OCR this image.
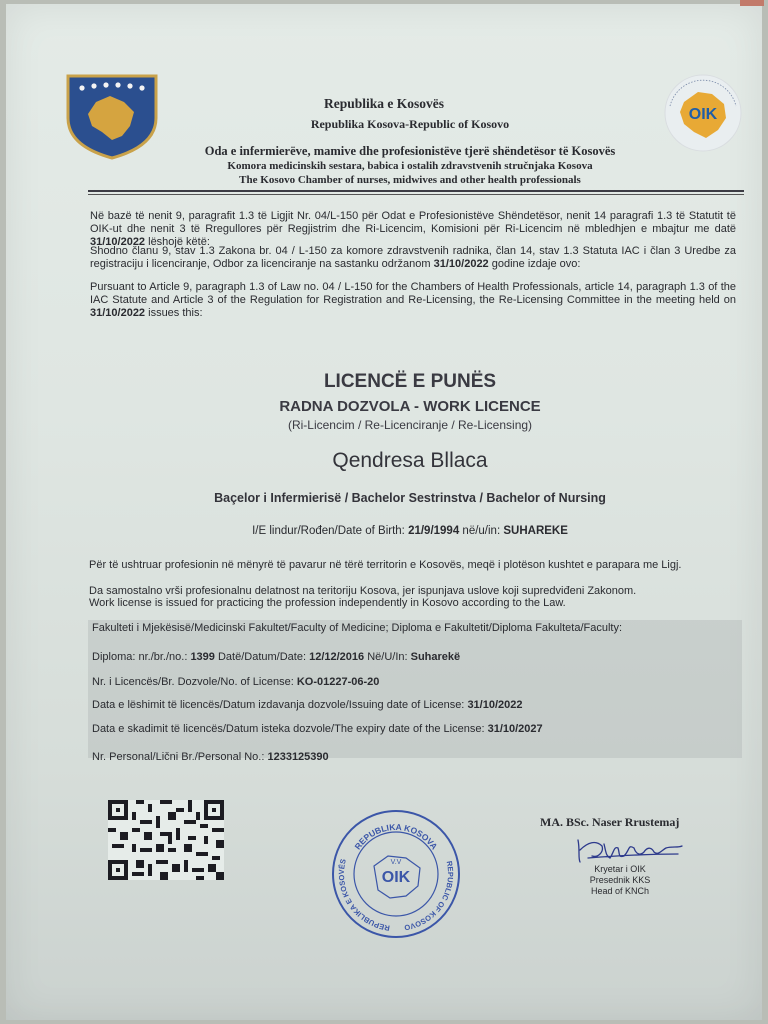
OIK
Republika e Kosovës
Republika Kosova-Republic of Kosovo
Oda e infermierëve, mamive dhe profesionistëve tjerë shëndetësor të Kosovës
Komora medicinskih sestara, babica i ostalih zdravstvenih stručnjaka Kosova
The Kosovo Chamber of nurses, midwives and other health professionals
Në bazë të nenit 9, paragrafit 1.3 të Ligjit Nr. 04/L-150 për Odat e Profesionistëve Shëndetësor, nenit 14 paragrafi 1.3 të Statutit të OIK-ut dhe nenit 3 të Rregullores për Regjistrim dhe Ri-Licencim, Komisioni për Ri-Licencim në mbledhjen e mbajtur me datë 31/10/2022 lëshojë këtë:
Shodno članu 9, stav 1.3 Zakona br. 04 / L-150 za komore zdravstvenih radnika, član 14, stav 1.3 Statuta IAC i član 3 Uredbe za registraciju i licenciranje, Odbor za licenciranje na sastanku održanom 31/10/2022 godine izdaje ovo:
Pursuant to Article 9, paragraph 1.3 of Law no. 04 / L-150 for the Chambers of Health Professionals, article 14, paragraph 1.3 of the IAC Statute and Article 3 of the Regulation for Registration and Re-Licensing, the Re-Licensing Committee in the meeting held on 31/10/2022 issues this:
LICENCË E PUNËS
RADNA DOZVOLA - WORK LICENCE
(Ri-Licencim / Re-Licenciranje / Re-Licensing)
Qendresa Bllaca
Baçelor i Infermierisë / Bachelor Sestrinstva / Bachelor of Nursing
I/E lindur/Rođen/Date of Birth: 21/9/1994 në/u/in: SUHAREKE
Për të ushtruar profesionin në mënyrë të pavarur në tërë territorin e Kosovës, meqë i plotëson kushtet e parapara me Ligj.
Da samostalno vrši profesionalnu delatnost na teritoriju Kosova, jer ispunjava uslove koji supredviđeni Zakonom.
Work license is issued for practicing the profession independently in Kosovo according to the Law.
Fakulteti i Mjekësisë/Medicinski Fakultet/Faculty of Medicine; Diploma e Fakultetit/Diploma Fakulteta/Faculty:
Diploma: nr./br./no.: 1399 Datë/Datum/Date: 12/12/2016 Në/U/In: Suharekë
Nr. i Licencës/Br. Dozvole/No. of License: KO-01227-06-20
Data e lëshimit të licencës/Datum izdavanja dozvole/Issuing date of License: 31/10/2022
Data e skadimit të licencës/Datum isteka dozvole/The expiry date of the License: 31/10/2027
Nr. Personal/Lični Br./Personal No.: 1233125390
REPUBLIKA KOSOVA
REPUBLIKA E KOSOVËS	REPUBLIC OF KOSOVO
V.V
OIK
MA. BSc. Naser Rrustemaj
Kryetar i OIK
Presednik KKS
Head of KNCh
